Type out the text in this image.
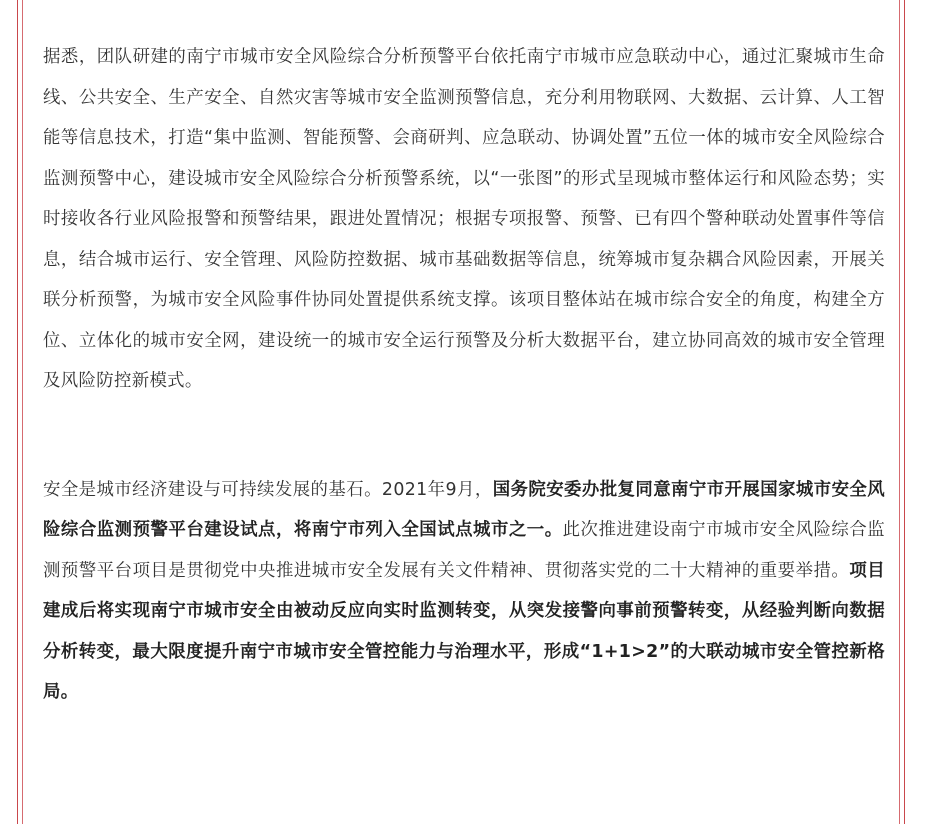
据悉，团队研建的南宁市城市安全风险综合分析预警平台依托南宁市城市应急联动中心，通过汇聚城市生命线、公共安全、生产安全、自然灾害等城市安全监测预警信息，充分利用物联网、大数据、云计算、人工智能等信息技术，打造“集中监测、智能预警、会商研判、应急联动、协调处置”五位一体的城市安全风险综合监测预警中心，建设城市安全风险综合分析预警系统，以“一张图”的形式呈现城市整体运行和风险态势；实时接收各行业风险报警和预警结果，跟进处置情况；根据专项报警、预警、已有四个警种联动处置事件等信息，结合城市运行、安全管理、风险防控数据、城市基础数据等信息，统筹城市复杂耦合风险因素，开展关联分析预警，为城市安全风险事件协同处置提供系统支撑。该项目整体站在城市综合安全的角度，构建全方位、立体化的城市安全网，建设统一的城市安全运行预警及分析大数据平台，建立协同高效的城市安全管理及风险防控新模式。

安全是城市经济建设与可持续发展的基石。2021年9月，国务院安委办批复同意南宁市开展国家城市安全风险综合监测预警平台建设试点，将南宁市列入全国试点城市之一。此次推进建设南宁市城市安全风险综合监测预警平台项目是贯彻党中央推进城市安全发展有关文件精神、贯彻落实党的二十大精神的重要举措。项目建成后将实现南宁市城市安全由被动反应向实时监测转变，从突发接警向事前预警转变，从经验判断向数据分析转变，最大限度提升南宁市城市安全管控能力与治理水平，形成“1+1>2”的大联动城市安全管控新格局。
